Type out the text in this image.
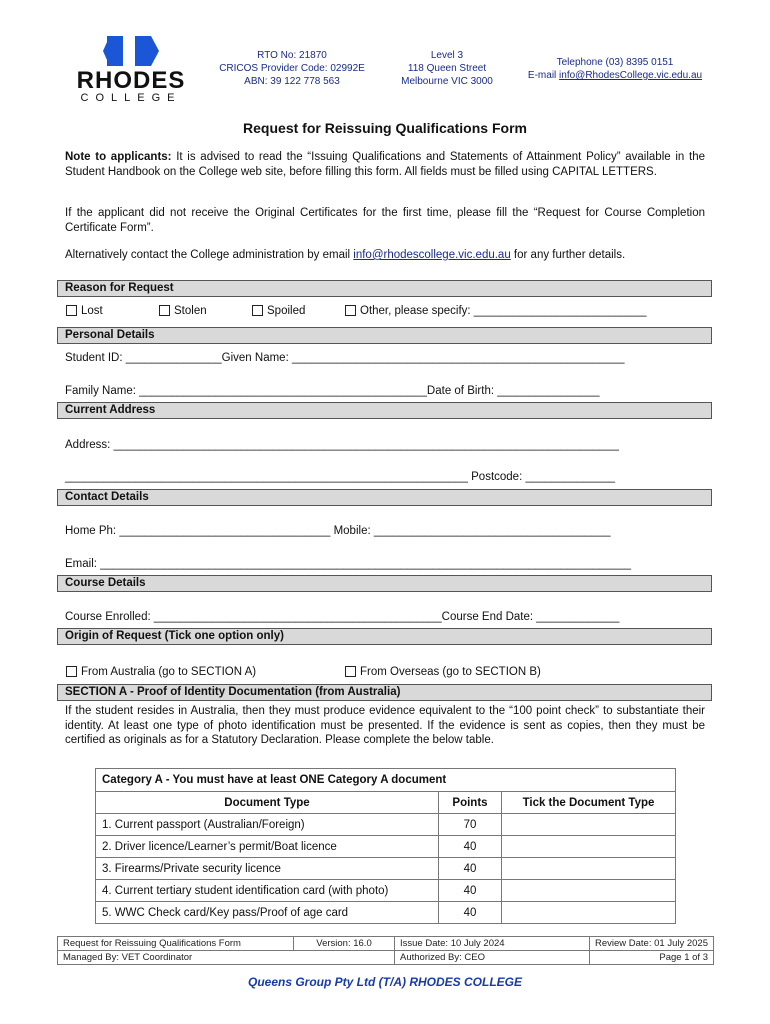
RHODES
COLLEGE
RTO No: 21870
CRICOS Provider Code: 02992E
ABN: 39 122 778 563
Level 3
118 Queen Street
Melbourne VIC 3000
Telephone (03) 8395 0151
E-mail info@RhodesCollege.vic.edu.au
Request for Reissuing Qualifications Form
Note to applicants: It is advised to read the “Issuing Qualifications and Statements of Attainment Policy” available in the Student Handbook on the College web site, before filling this form. All fields must be filled using CAPITAL LETTERS.
If the applicant did not receive the Original Certificates for the first time, please fill the “Request for Course Completion Certificate Form”.
Alternatively contact the College administration by email info@rhodescollege.vic.edu.au for any further details.
Reason for Request
Lost	Stolen	Spoiled	Other, please specify: ___________________________
Personal Details
Student ID: _______________Given Name: ____________________________________________________
Family Name: _____________________________________________Date of Birth: ________________
Current Address
Address: _______________________________________________________________________________
_______________________________________________________________ Postcode: ______________
Contact Details
Home Ph: _________________________________ Mobile: _____________________________________
Email: ___________________________________________________________________________________
Course Details
Course Enrolled: _____________________________________________Course End Date: _____________
Origin of Request (Tick one option only)
From Australia (go to SECTION A)	From Overseas (go to SECTION B)
SECTION A - Proof of Identity Documentation (from Australia)
If the student resides in Australia, then they must produce evidence equivalent to the “100 point check” to substantiate their identity. At least one type of photo identification must be presented. If the evidence is sent as copies, then they must be certified as originals as for a Statutory Declaration. Please complete the below table.
Category A - You must have at least ONE Category A document		
Document Type	Points	Tick the Document Type
1. Current passport (Australian/Foreign)	70	
2. Driver licence/Learner’s permit/Boat licence	40	
3. Firearms/Private security licence	40	
4. Current tertiary student identification card (with photo)	40	
5. WWC Check card/Key pass/Proof of age card	40	
Request for Reissuing Qualifications Form	Version: 16.0	Issue Date: 10 July 2024	Review Date: 01 July 2025
Managed By: VET Coordinator		Authorized By: CEO	Page 1 of 3
Queens Group Pty Ltd (T/A) RHODES COLLEGE
